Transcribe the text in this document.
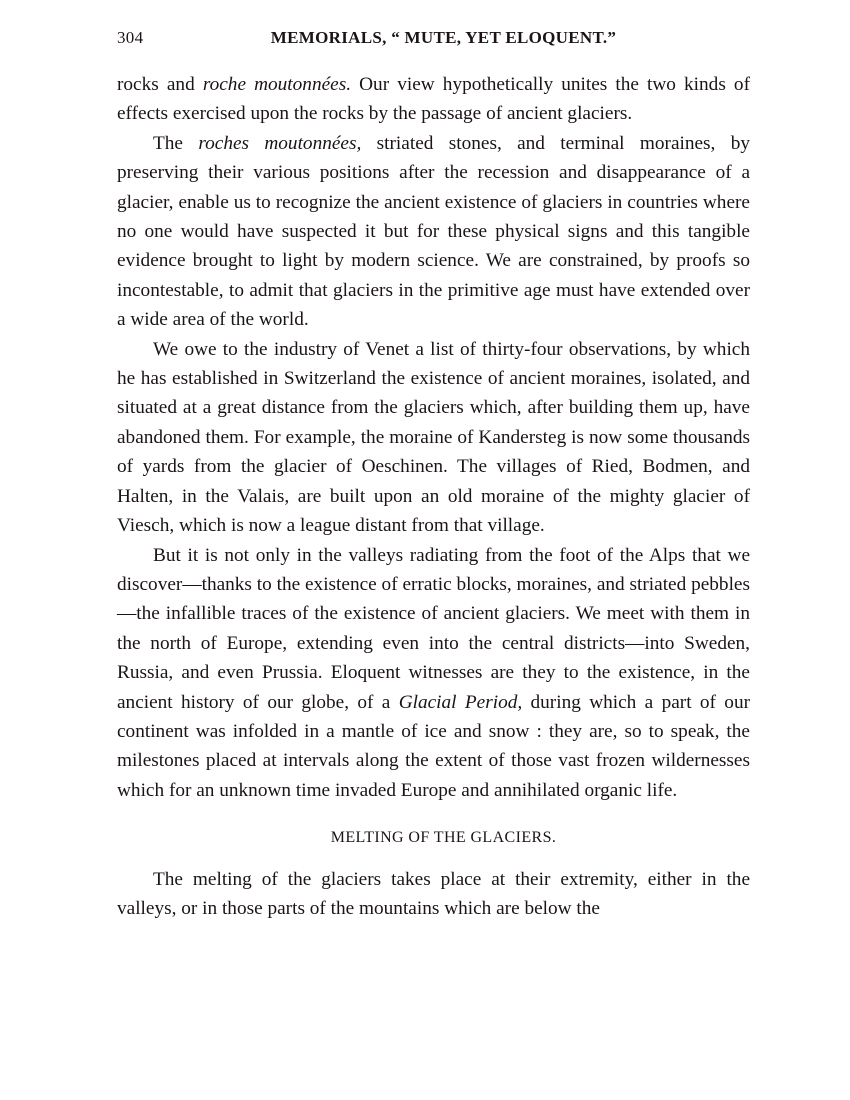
304	MEMORIALS, “ MUTE, YET ELOQUENT.”

rocks and roche moutonnées. Our view hypothetically unites the two kinds of effects exercised upon the rocks by the passage of ancient glaciers.

The roches moutonnées, striated stones, and terminal moraines, by preserving their various positions after the recession and disappearance of a glacier, enable us to recognize the ancient existence of glaciers in countries where no one would have suspected it but for these physical signs and this tangible evidence brought to light by modern science. We are constrained, by proofs so incontestable, to admit that glaciers in the primitive age must have extended over a wide area of the world.

We owe to the industry of Venet a list of thirty-four observations, by which he has established in Switzerland the existence of ancient moraines, isolated, and situated at a great distance from the glaciers which, after building them up, have abandoned them. For example, the moraine of Kandersteg is now some thousands of yards from the glacier of Oeschinen. The villages of Ried, Bodmen, and Halten, in the Valais, are built upon an old moraine of the mighty glacier of Viesch, which is now a league distant from that village.

But it is not only in the valleys radiating from the foot of the Alps that we discover—thanks to the existence of erratic blocks, moraines, and striated pebbles—the infallible traces of the existence of ancient glaciers. We meet with them in the north of Europe, extending even into the central districts—into Sweden, Russia, and even Prussia. Eloquent witnesses are they to the existence, in the ancient history of our globe, of a Glacial Period, during which a part of our continent was infolded in a mantle of ice and snow : they are, so to speak, the milestones placed at intervals along the extent of those vast frozen wildernesses which for an unknown time invaded Europe and annihilated organic life.

MELTING OF THE GLACIERS.

The melting of the glaciers takes place at their extremity, either in the valleys, or in those parts of the mountains which are below the
